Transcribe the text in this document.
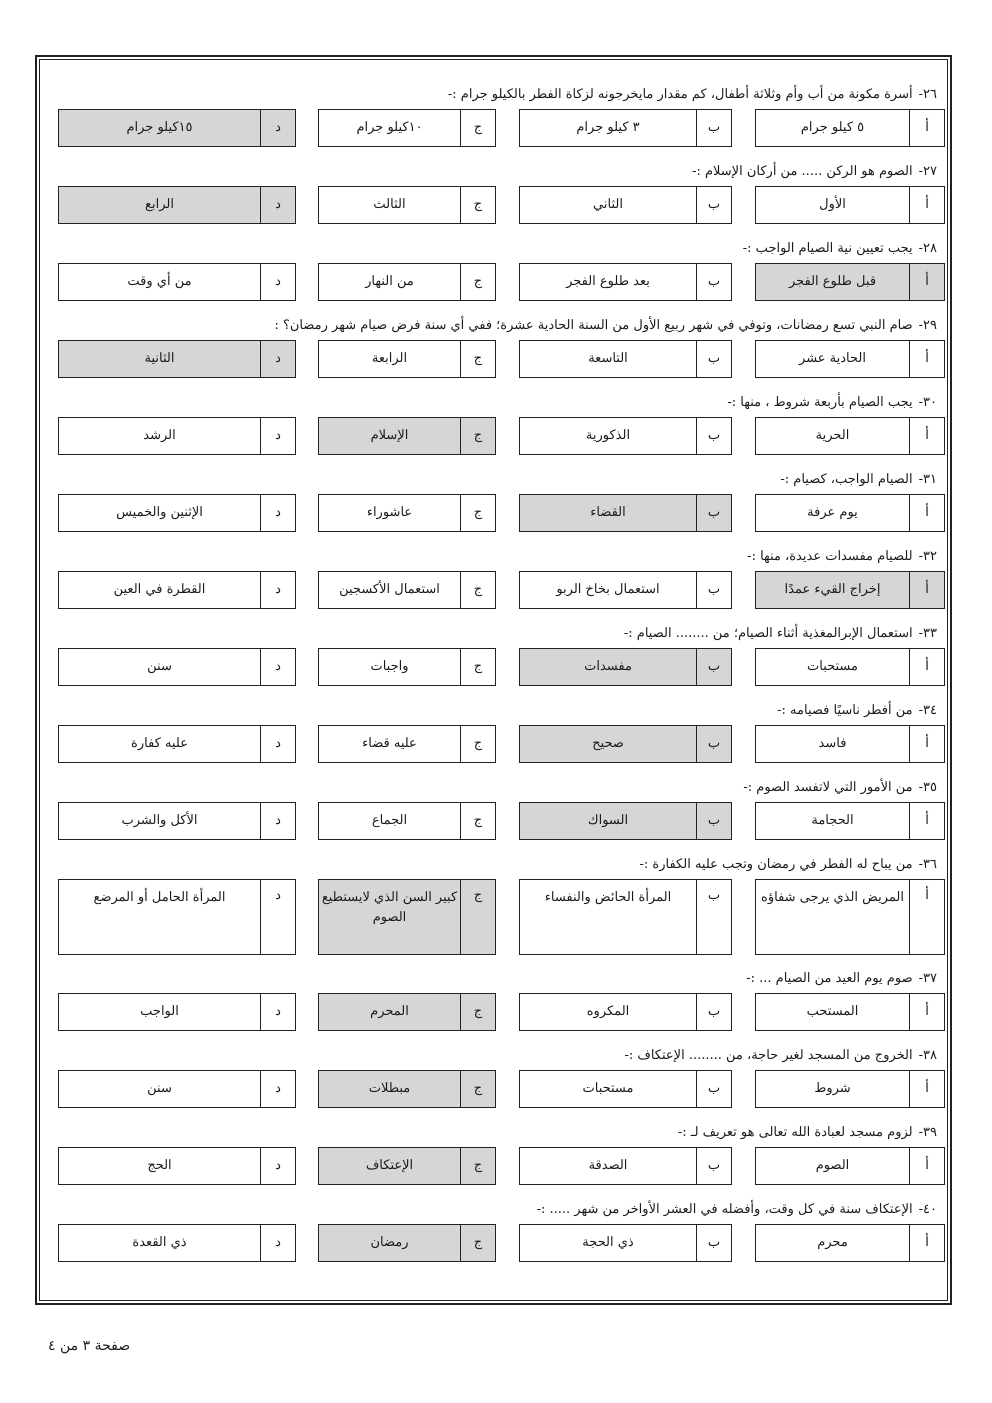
٢٦-أسرة مكونة من أب وأم وثلاثة أطفال، كم مقدار مايخرجونه لزكاة الفطر بالكيلو جرام :-
أ
٥ كيلو جرام
ب
٣ كيلو جرام
ج
١٠كيلو جرام
د
١٥كيلو جرام
٢٧-الصوم هو الركن ..... من أركان الإسلام :-
أ
الأول
ب
الثاني
ج
الثالث
د
الرابع
٢٨-يجب تعيين نية الصيام الواجب :-
أ
قبل طلوع الفجر
ب
بعد طلوع الفجر
ج
من النهار
د
من أي وقت
٢٩-صام النبي تسع رمضانات، وتوفي في شهر ربيع الأول من السنة الحادية عشرة؛ ففي أي سنة فرض صيام شهر رمضان؟ :
أ
الحادية عشر
ب
التاسعة
ج
الرابعة
د
الثانية
٣٠-يجب الصيام بأربعة شروط ، منها :-
أ
الحرية
ب
الذكورية
ج
الإسلام
د
الرشد
٣١-الصيام الواجب، كصيام :-
أ
يوم عرفة
ب
القضاء
ج
عاشوراء
د
الإثنين والخميس
٣٢-للصيام مفسدات عديدة، منها :-
أ
إخراج القيء عمدًا
ب
استعمال بخاخ الربو
ج
استعمال الأكسجين
د
القطرة في العين
٣٣-استعمال الإبرالمغذية أثناء الصيام؛ من ........ الصيام :-
أ
مستحبات
ب
مفسدات
ج
واجبات
د
سنن
٣٤-من أفطر ناسيًا فصيامه :-
أ
فاسد
ب
صحيح
ج
عليه قضاء
د
عليه كفارة
٣٥-من الأمور التي لاتفسد الصوم :-
أ
الحجامة
ب
السواك
ج
الجماع
د
الأكل والشرب
٣٦-من يباح له الفطر في رمضان وتجب عليه الكفارة :-
أ
المريض الذي يرجى شفاؤه
ب
المرأة الحائض والنفساء
ج
كبير السن الذي لايستطيع الصوم
د
المرأة الحامل أو المرضع
٣٧-صوم يوم العيد من الصيام ... :-
أ
المستحب
ب
المكروه
ج
المحرم
د
الواجب
٣٨-الخروج من المسجد لغير حاجة، من ........ الإعتكاف :-
أ
شروط
ب
مستحبات
ج
مبطلات
د
سنن
٣٩-لزوم مسجد لعبادة الله تعالى هو تعريف لـ :-
أ
الصوم
ب
الصدقة
ج
الإعتكاف
د
الحج
٤٠-الإعتكاف سنة في كل وقت، وأفضله في العشر الأواخر من شهر ..... :-
أ
محرم
ب
ذي الحجة
ج
رمضان
د
ذي القعدة
صفحة ٣ من ٤
